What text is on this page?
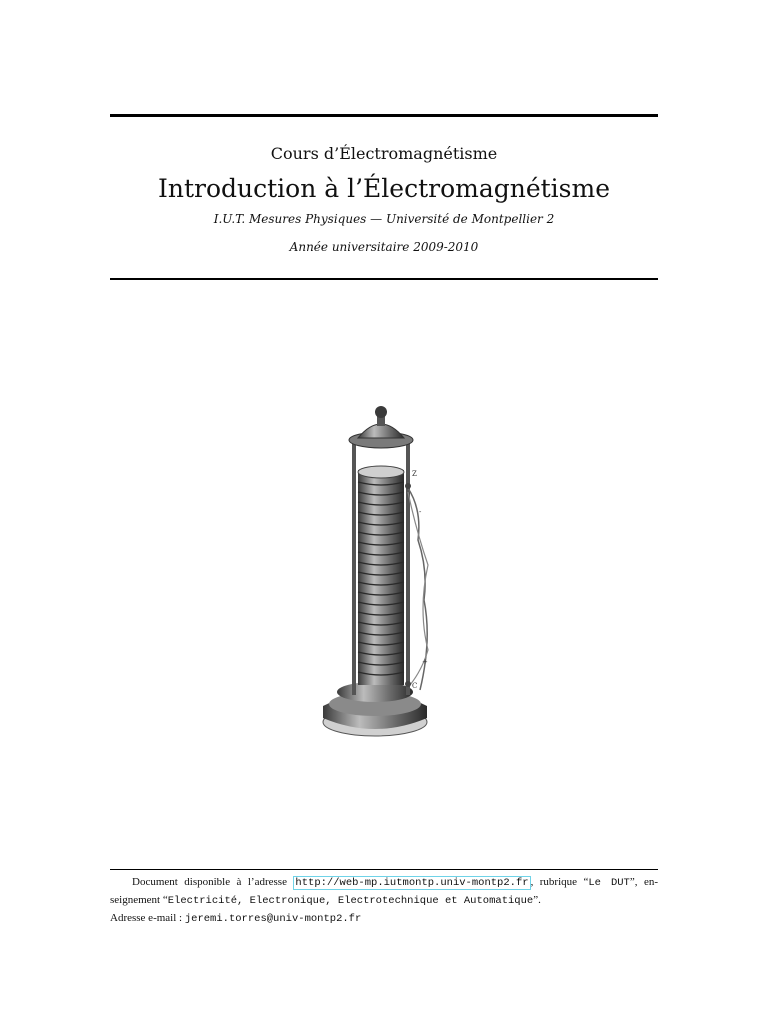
Cours d’Électromagnétisme
Introduction à l’Électromagnétisme
I.U.T. Mesures Physiques — Université de Montpellier 2
Année universitaire 2009-2010
Z
-
+
C
Document disponible à l’adresse http://web-mp.iutmontp.univ-montp2.fr , rubrique “Le DUT”, en-
seignement “Electricité, Electronique, Electrotechnique et Automatique”.
Adresse e-mail : jeremi.torres@univ-montp2.fr
